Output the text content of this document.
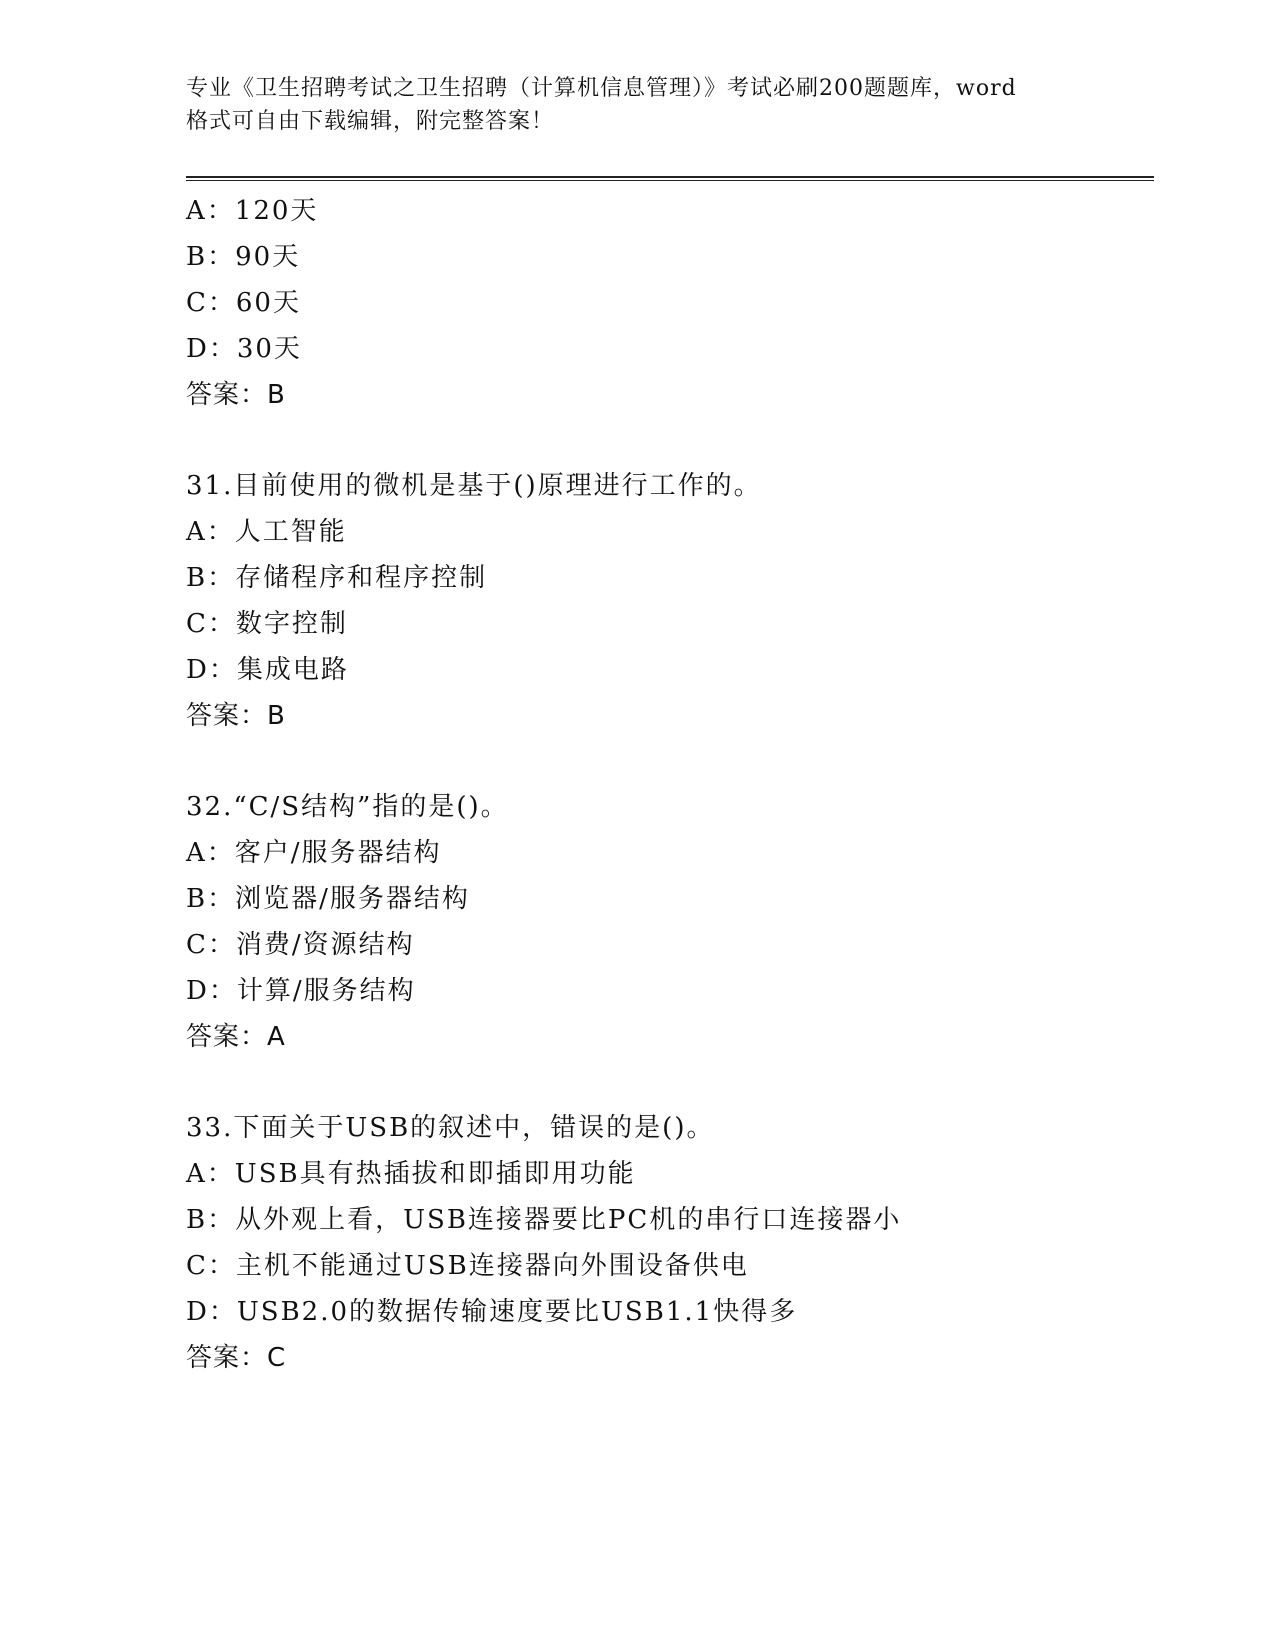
专业《卫生招聘考试之卫生招聘（计算机信息管理）》考试必刷200题题库，word
格式可自由下载编辑，附完整答案！
A：120天
B：90天
C：60天
D：30天
答案：B
31.目前使用的微机是基于()原理进行工作的。
A：人工智能
B：存储程序和程序控制
C：数字控制
D：集成电路
答案：B
32.“C/S结构”指的是()。
A：客户/服务器结构
B：浏览器/服务器结构
C：消费/资源结构
D：计算/服务结构
答案：A
33.下面关于USB的叙述中，错误的是()。
A：USB具有热插拔和即插即用功能
B：从外观上看，USB连接器要比PC机的串行口连接器小
C：主机不能通过USB连接器向外围设备供电
D：USB2.0的数据传输速度要比USB1.1快得多
答案：C
